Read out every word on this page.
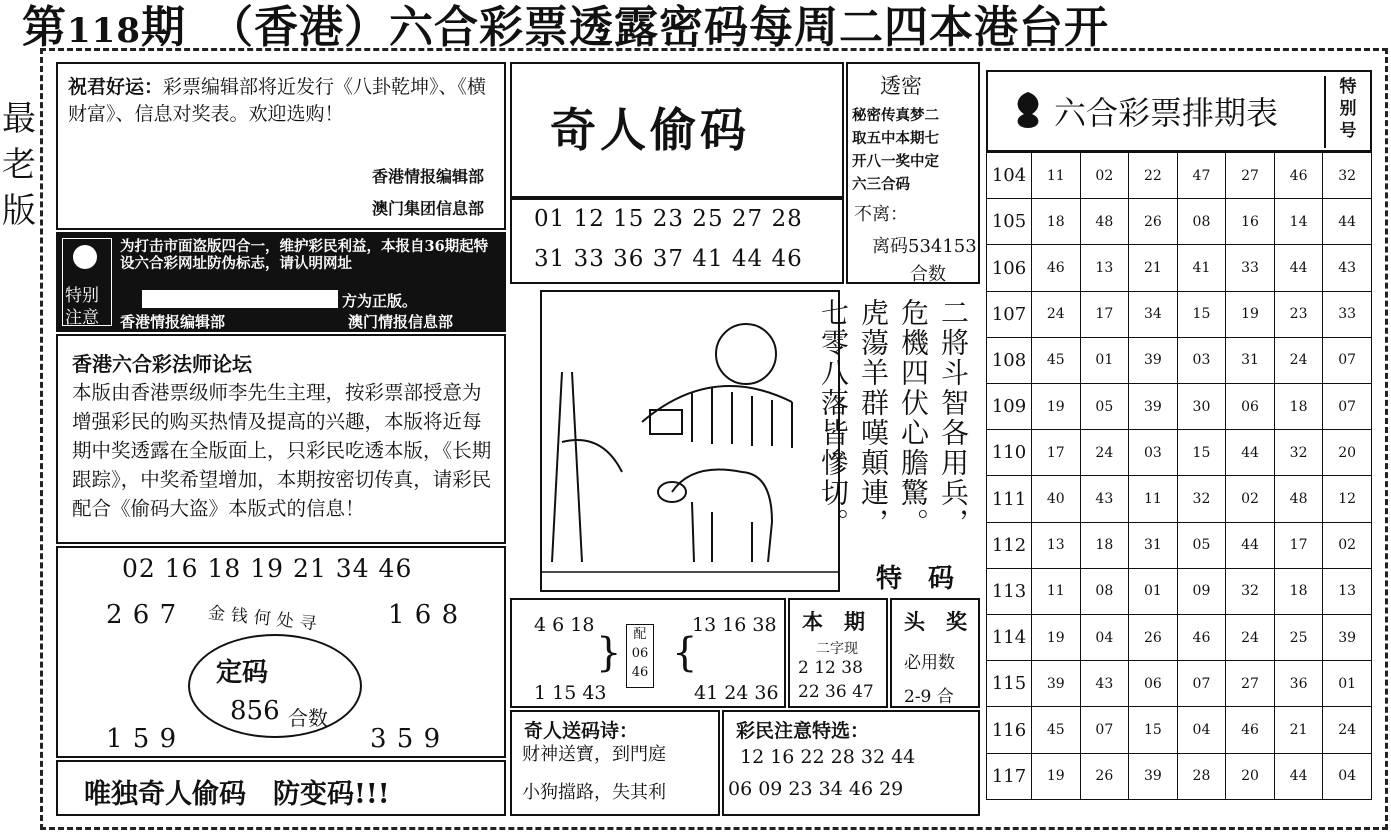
第118期　（香港）六合彩票透露密码每周二四本港台开
最
老
版
祝君好运：彩票编辑部将近发行《八卦乾坤》、《横财富》、信息对奖表。欢迎选购！
香港情报编辑部
澳门集团信息部
特别
注意
为打击市面盗版四合一，维护彩民利益，本报自36期起特设六合彩网址防伪标志，请认明网址
方为正版。
香港情报编辑部	澳门情报信息部
香港六合彩法师论坛
本版由香港票级师李先生主理，按彩票部授意为增强彩民的购买热情及提高的兴趣，本版将近每期中奖透露在全版面上，只彩民吃透本版，《长期跟踪》，中奖希望增加，本期按密切传真，请彩民配合《偷码大盗》本版式的信息！
02 16 18 19 21 34 46
2 6 7	1 6 8
1 5 9	3 5 9
金钱何处寻
定码
856 合数
唯独奇人偷码　防变码!!!
奇人偷码
01 12 15 23 25 27 28
31 33 36 37 41 44 46
透密
秘密传真梦二
取五中本期七
开八一奖中定
六三合码
不离：
离码534153
合数
二將斗智各用兵，
危機四伏心膽驚。
虎蕩羊群嘆顛連，
七零八落皆慘切。
特　码
4 6 18
1 15 43
} 配
06
46 {
13 16 38
41 24 36
本　期
二字现
2 12 38
22 36 47
头　奖
必用数
2-9 合
奇人送码诗：
财神送寶，到門庭
小狗擋路，失其利
彩民注意特选：
12 16 22 28 32 44
06 09 23 34 46 29
六合彩票排期表
特
别
号
104	11	02	22	47	27	46	32
105	18	48	26	08	16	14	44
106	46	13	21	41	33	44	43
107	24	17	34	15	19	23	33
108	45	01	39	03	31	24	07
109	19	05	39	30	06	18	07
110	17	24	03	15	44	32	20
111	40	43	11	32	02	48	12
112	13	18	31	05	44	17	02
113	11	08	01	09	32	18	13
114	19	04	26	46	24	25	39
115	39	43	06	07	27	36	01
116	45	07	15	04	46	21	24
117	19	26	39	28	20	44	04
